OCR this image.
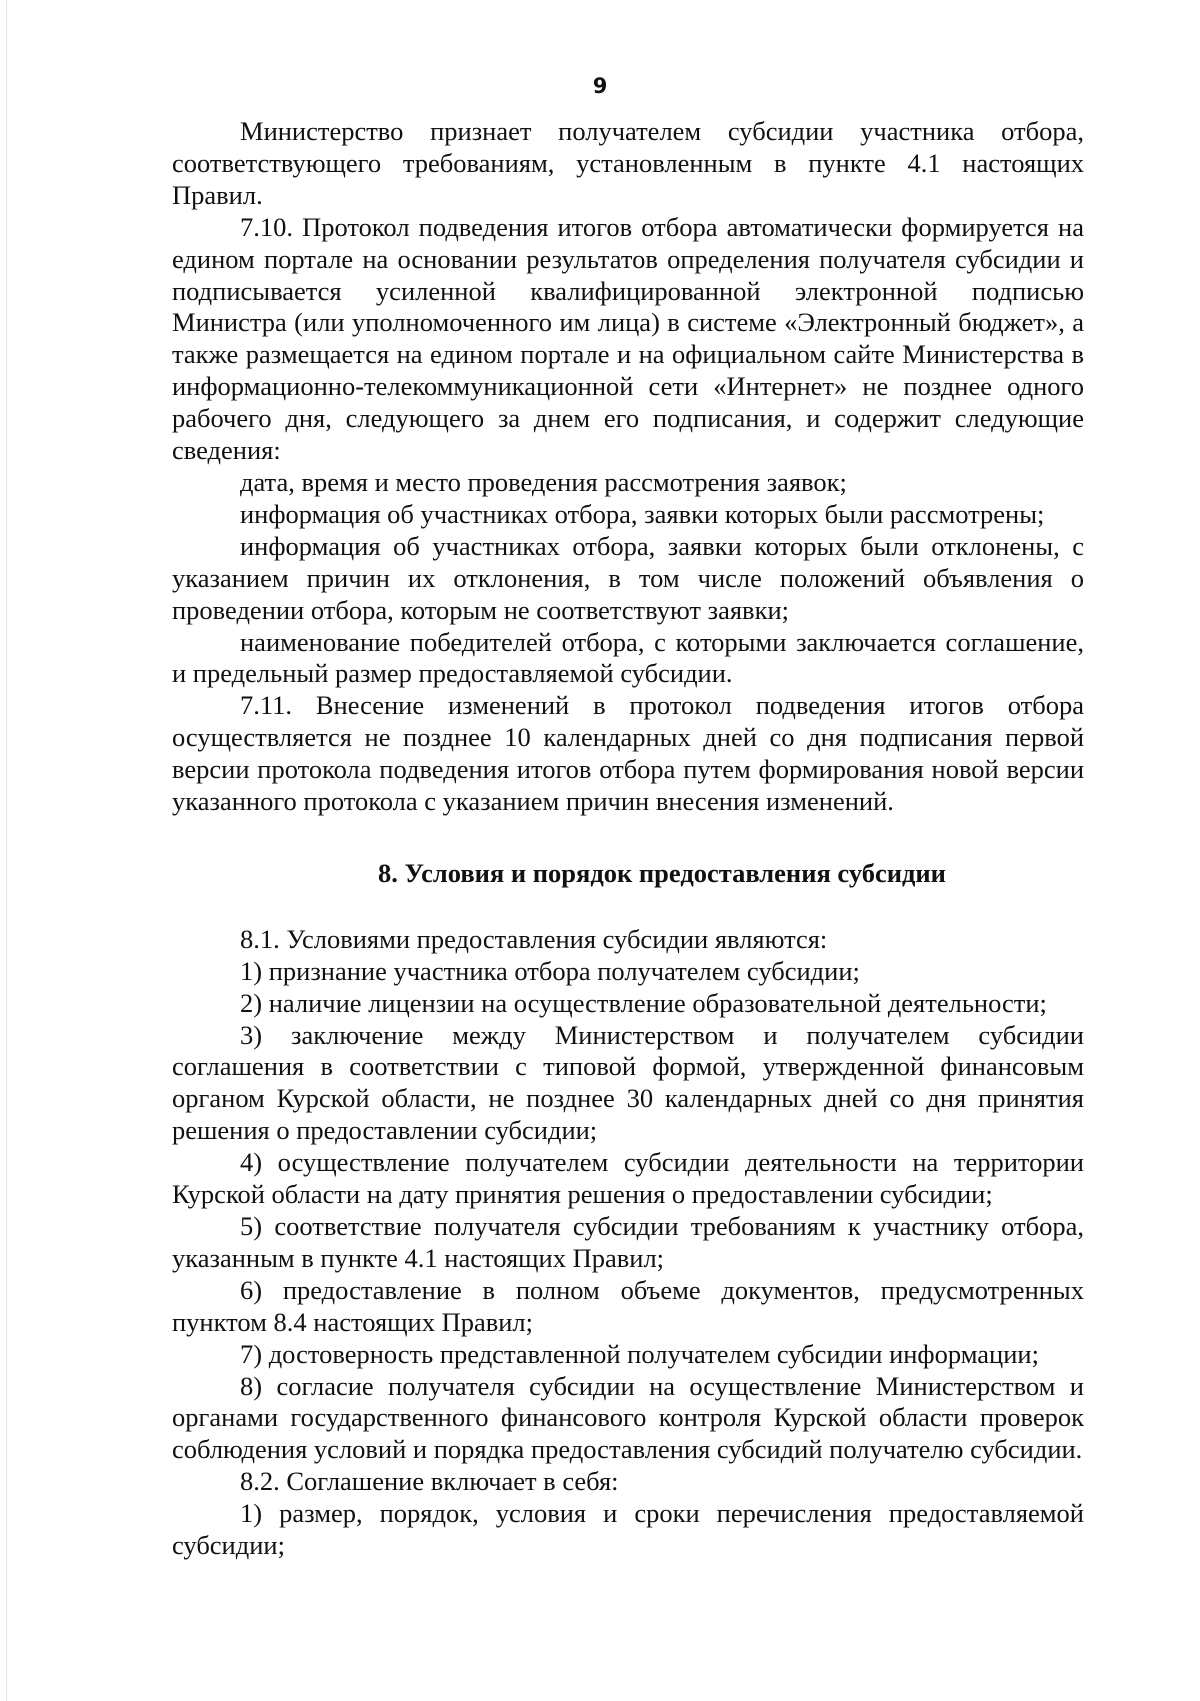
9

Министерство признает получателем субсидии участника отбора, соответствующего требованиям, установленным в пункте 4.1 настоящих Правил.

7.10. Протокол подведения итогов отбора автоматически формируется на едином портале на основании результатов определения получателя субсидии и подписывается усиленной квалифицированной электронной подписью Министра (или уполномоченного им лица) в системе «Электронный бюджет», а также размещается на едином портале и на официальном сайте Министерства в информационно-телекоммуникационной сети «Интернет» не позднее одного рабочего дня, следующего за днем его подписания, и содержит следующие сведения:

дата, время и место проведения рассмотрения заявок;

информация об участниках отбора, заявки которых были рассмотрены;

информация об участниках отбора, заявки которых были отклонены, с указанием причин их отклонения, в том числе положений объявления о проведении отбора, которым не соответствуют заявки;

наименование победителей отбора, с которыми заключается соглашение, и предельный размер предоставляемой субсидии.

7.11. Внесение изменений в протокол подведения итогов отбора осуществляется не позднее 10 календарных дней со дня подписания первой версии протокола подведения итогов отбора путем формирования новой версии указанного протокола с указанием причин внесения изменений.

8. Условия и порядок предоставления субсидии

8.1. Условиями предоставления субсидии являются:

1) признание участника отбора получателем субсидии;

2) наличие лицензии на осуществление образовательной деятельности;

3) заключение между Министерством и получателем субсидии соглашения в соответствии с типовой формой, утвержденной финансовым органом Курской области, не позднее 30 календарных дней со дня принятия решения о предоставлении субсидии;

4) осуществление получателем субсидии деятельности на территории Курской области на дату принятия решения о предоставлении субсидии;

5) соответствие получателя субсидии требованиям к участнику отбора, указанным в пункте 4.1 настоящих Правил;

6) предоставление в полном объеме документов, предусмотренных пунктом 8.4 настоящих Правил;

7) достоверность представленной получателем субсидии информации;

8) согласие получателя субсидии на осуществление Министерством и органами государственного финансового контроля Курской области проверок соблюдения условий и порядка предоставления субсидий получателю субсидии.

8.2. Соглашение включает в себя:

1) размер, порядок, условия и сроки перечисления предоставляемой субсидии;
